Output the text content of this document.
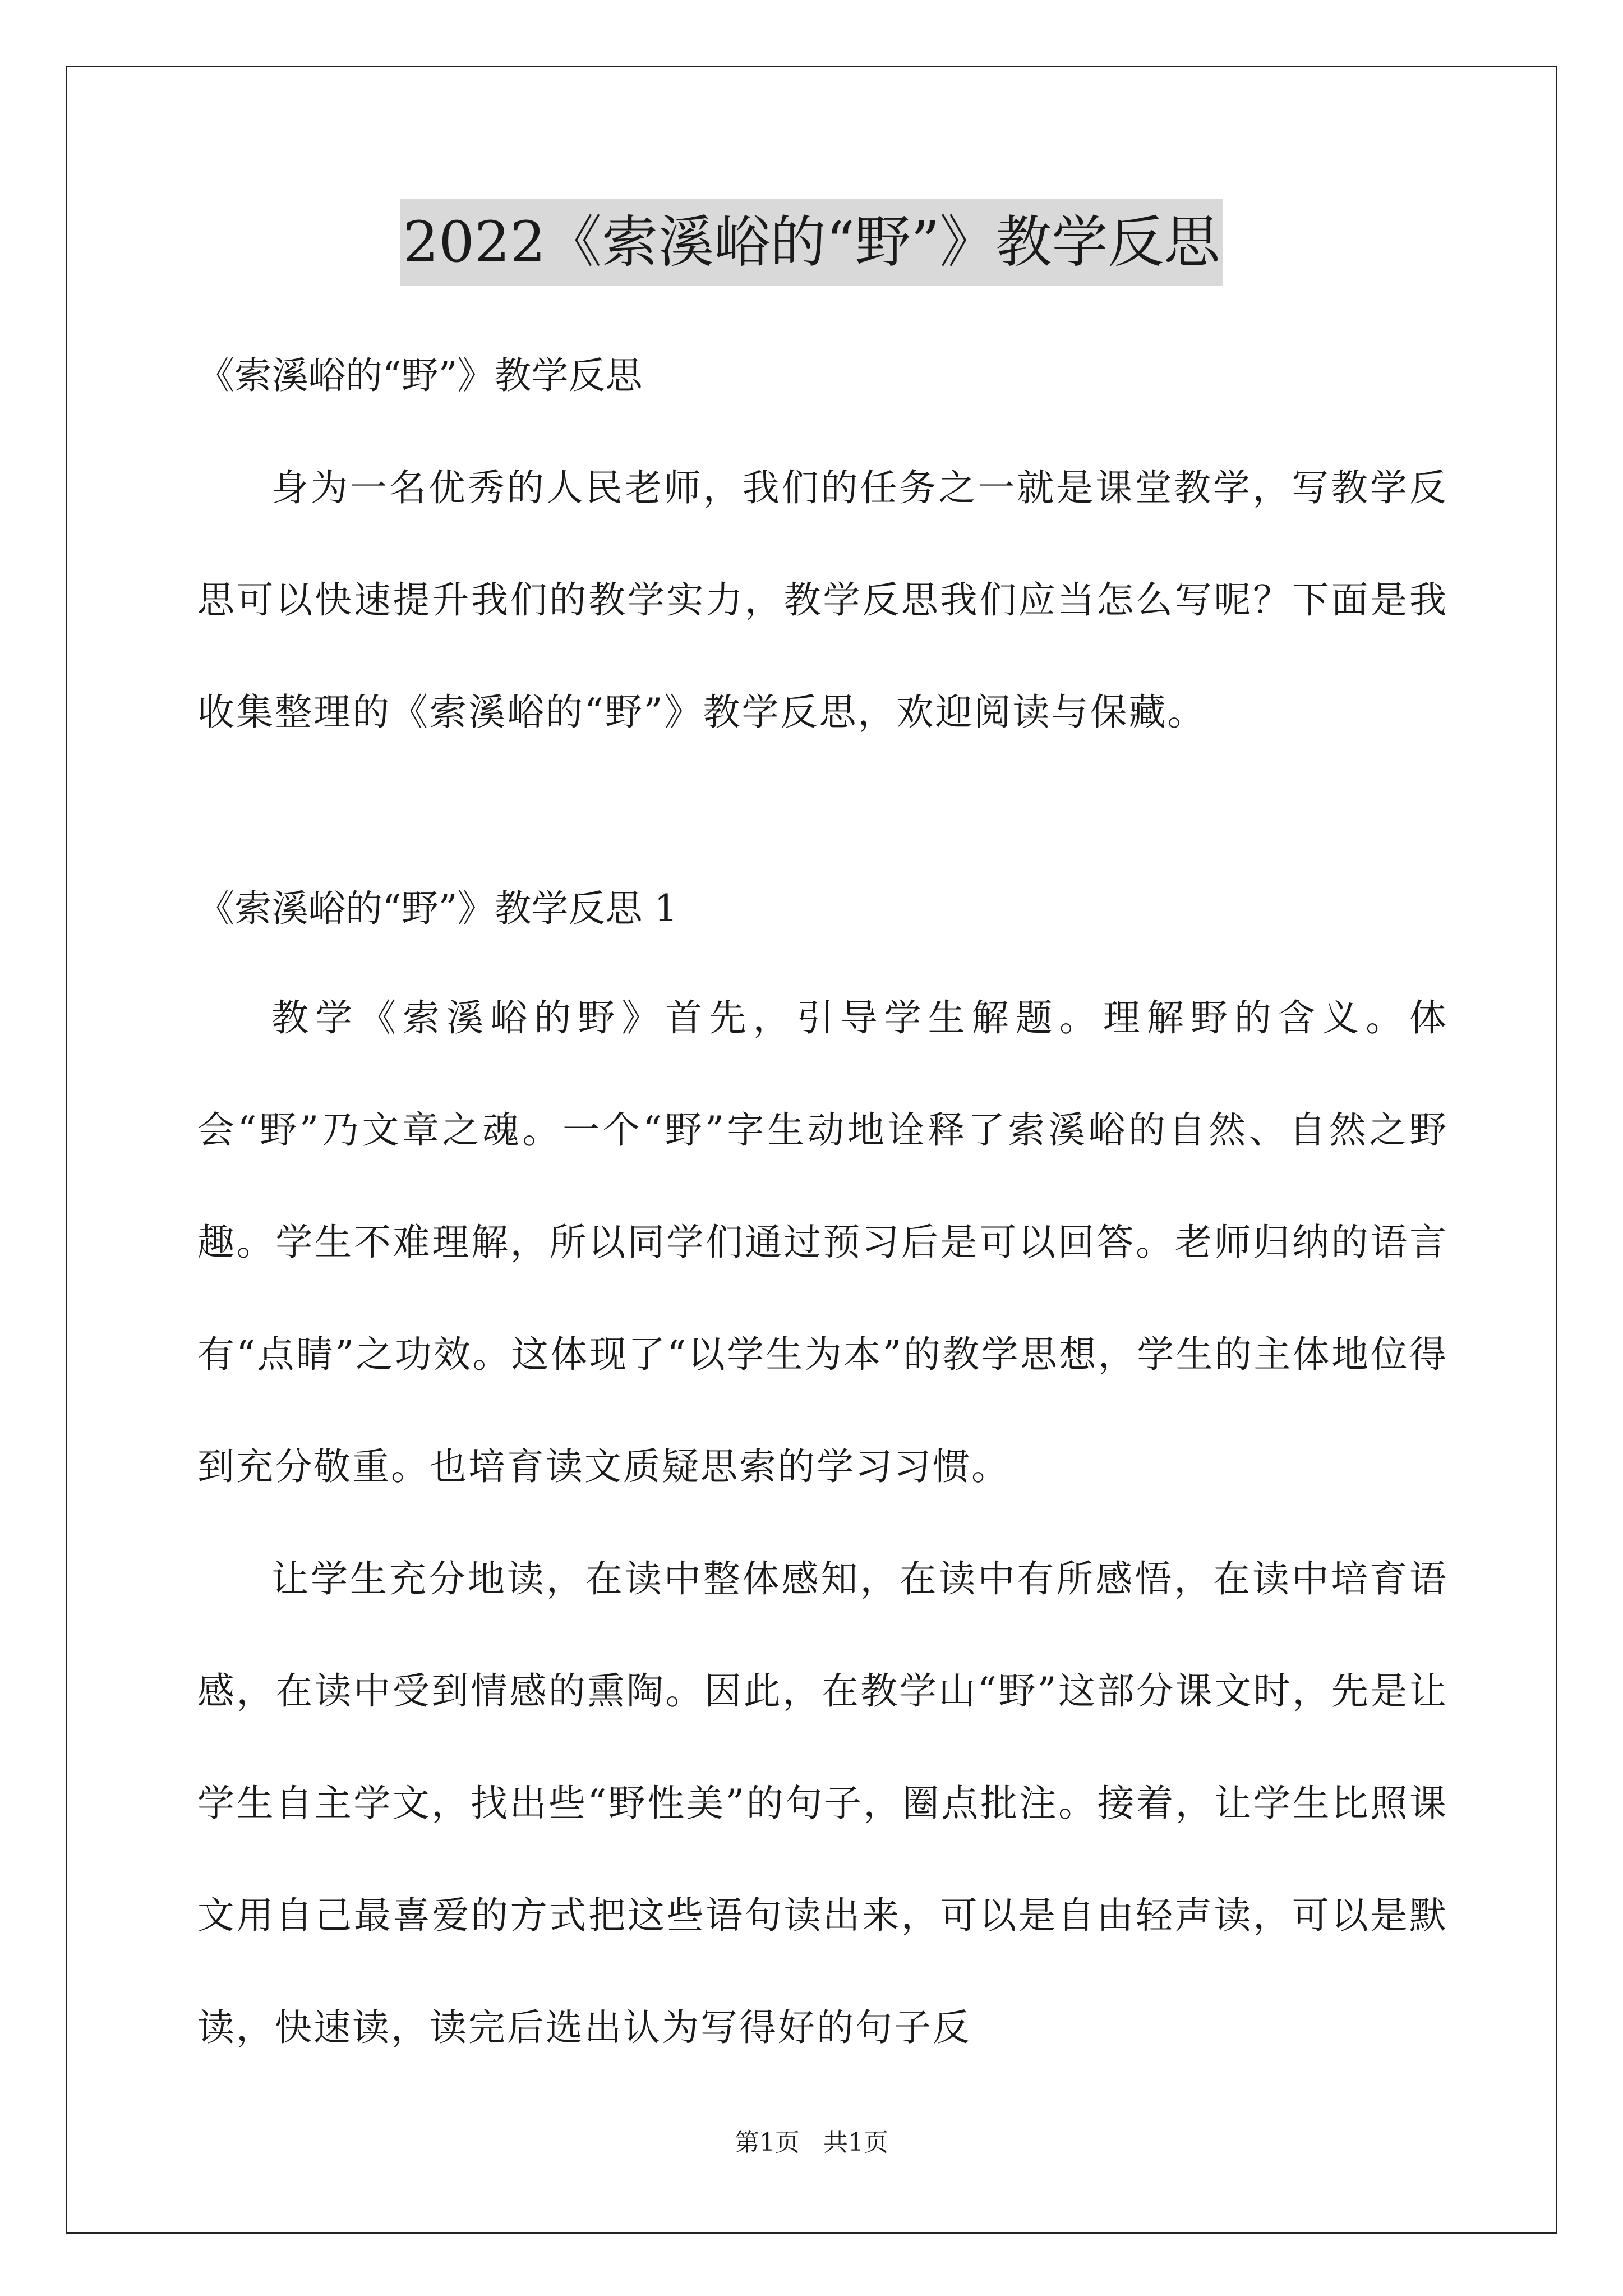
2022《索溪峪的“野”》教学反思

《索溪峪的“野”》教学反思

身为一名优秀的人民老师，我们的任务之一就是课堂教学，写教学反思可以快速提升我们的教学实力，教学反思我们应当怎么写呢？下面是我收集整理的《索溪峪的“野”》教学反思，欢迎阅读与保藏。

《索溪峪的“野”》教学反思 1

教学《索溪峪的野》首先，引导学生解题。理解野的含义。体会“野”乃文章之魂。一个“野”字生动地诠释了索溪峪的自然、自然之野趣。学生不难理解，所以同学们通过预习后是可以回答。老师归纳的语言有“点睛”之功效。这体现了“以学生为本”的教学思想，学生的主体地位得到充分敬重。也培育读文质疑思索的学习习惯。

让学生充分地读，在读中整体感知，在读中有所感悟，在读中培育语感，在读中受到情感的熏陶。因此，在教学山“野”这部分课文时，先是让学生自主学文，找出些“野性美”的句子，圈点批注。接着，让学生比照课文用自己最喜爱的方式把这些语句读出来，可以是自由轻声读，可以是默读，快速读，读完后选出认为写得好的句子反

第1页   共1页
